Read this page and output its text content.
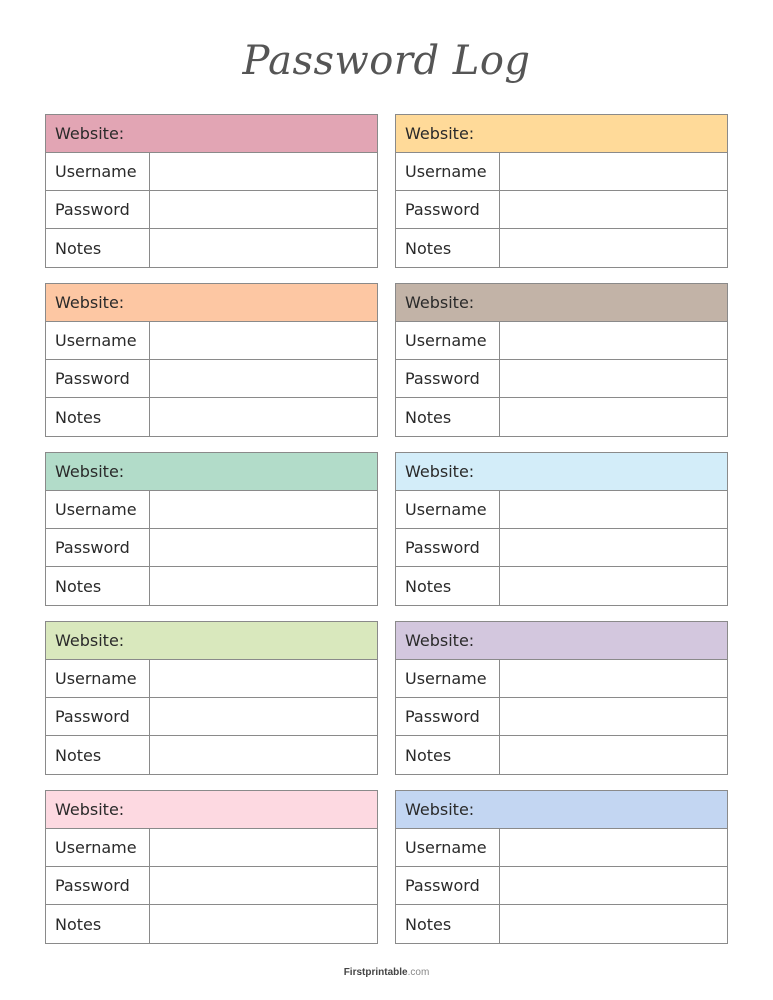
Password Log
Website:
Username
Password
Notes
Website:
Username
Password
Notes
Website:
Username
Password
Notes
Website:
Username
Password
Notes
Website:
Username
Password
Notes
Website:
Username
Password
Notes
Website:
Username
Password
Notes
Website:
Username
Password
Notes
Website:
Username
Password
Notes
Website:
Username
Password
Notes
Firstprintable.com
